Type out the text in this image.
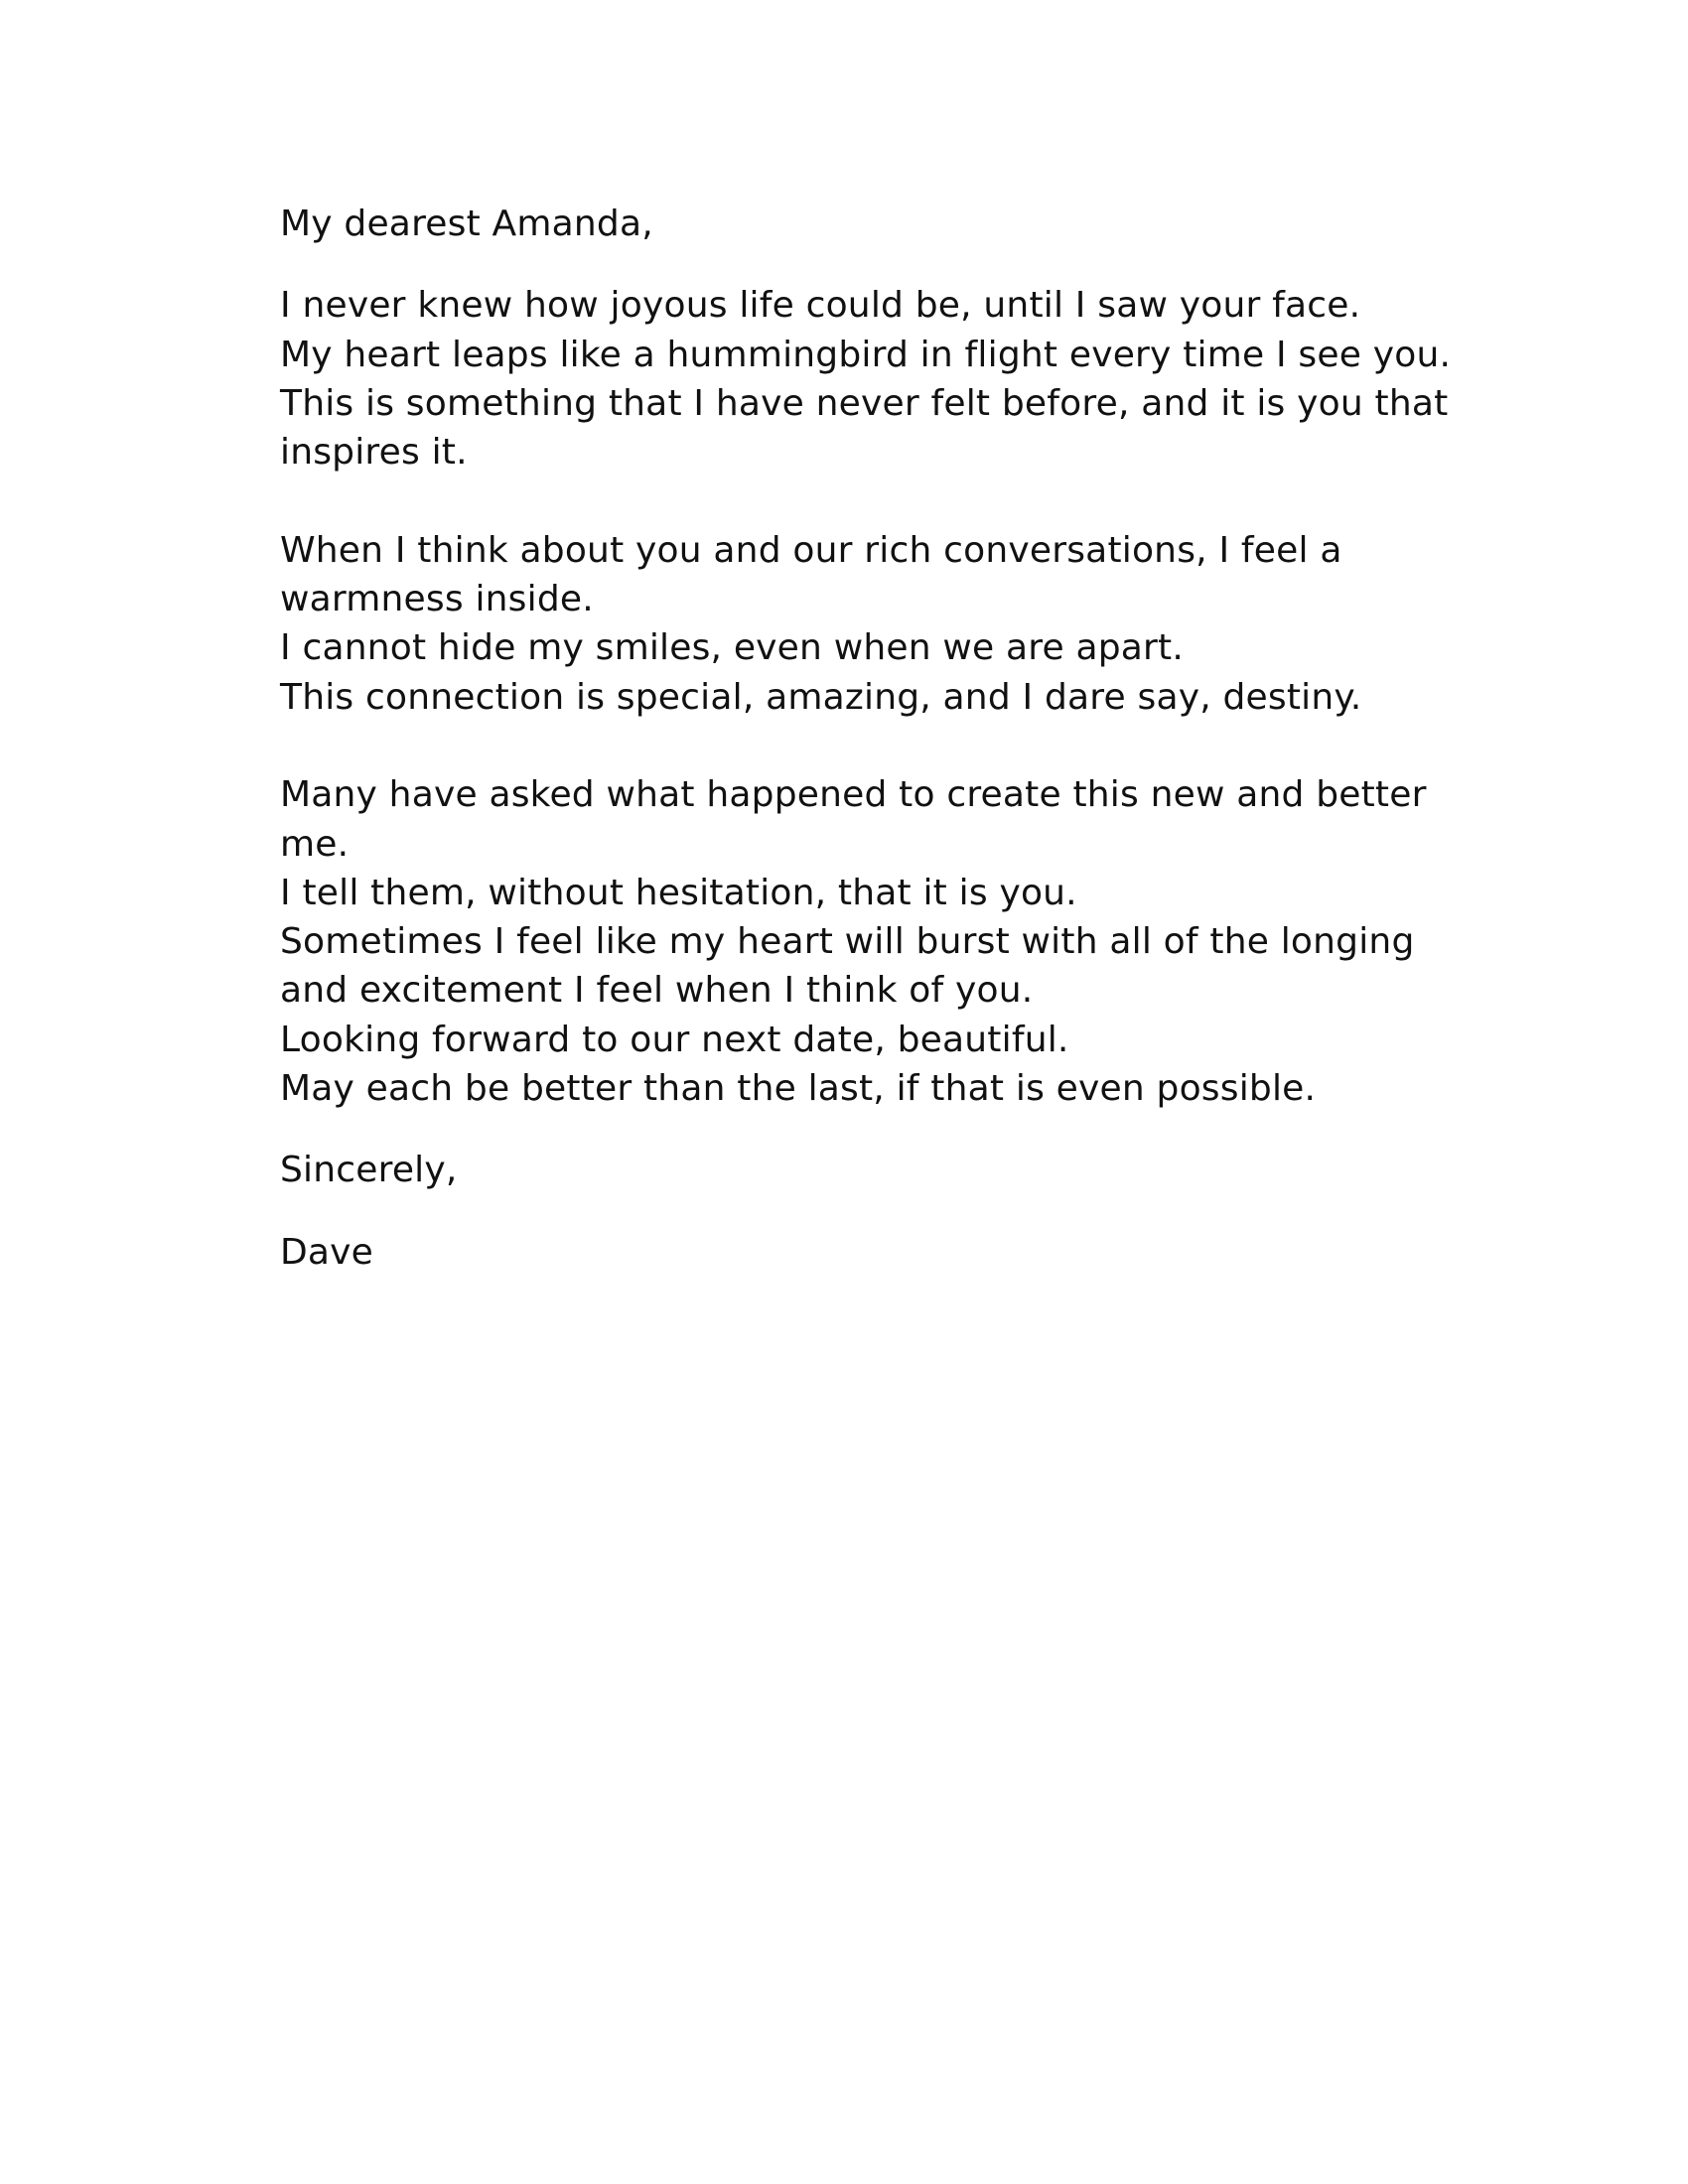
My dearest Amanda,
I never knew how joyous life could be, until I saw your face.
My heart leaps like a hummingbird in flight every time I see you.
This is something that I have never felt before, and it is you that
inspires it.
When I think about you and our rich conversations, I feel a
warmness inside.
I cannot hide my smiles, even when we are apart.
This connection is special, amazing, and I dare say, destiny.
Many have asked what happened to create this new and better
me.
I tell them, without hesitation, that it is you.
Sometimes I feel like my heart will burst with all of the longing
and excitement I feel when I think of you.
Looking forward to our next date, beautiful.
May each be better than the last, if that is even possible.
Sincerely,
Dave
